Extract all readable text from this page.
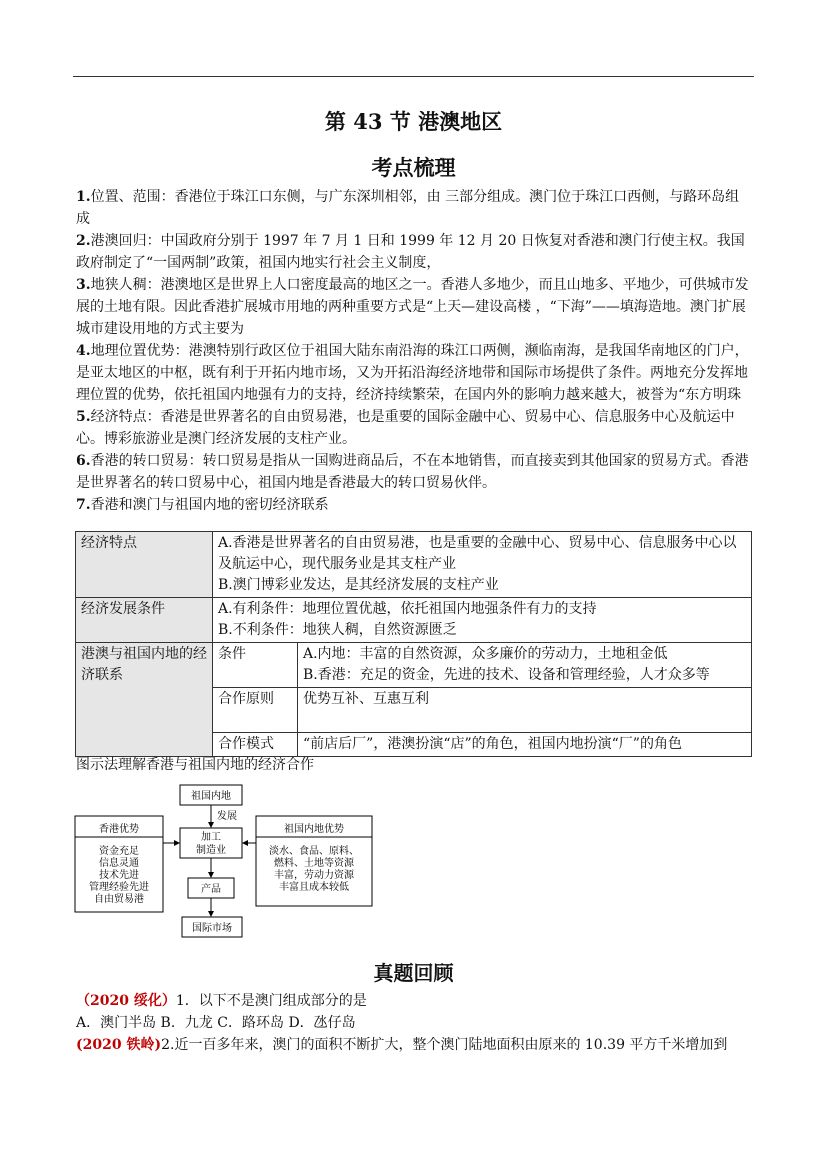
第 43 节 港澳地区
考点梳理

1.位置、范围：香港位于珠江口东侧，与广东深圳相邻，由 三部分组成。澳门位于珠江口西侧，与路环岛组成

2.港澳回归：中国政府分别于 1997 年 7 月 1 日和 1999 年 12 月 20 日恢复对香港和澳门行使主权。我国政府制定了“一国两制”政策，祖国内地实行社会主义制度，

3.地狭人稠：港澳地区是世界上人口密度最高的地区之一。香港人多地少，而且山地多、平地少，可供城市发展的土地有限。因此香港扩展城市用地的两种重要方式是“上天—建设高楼 ，“下海”——填海造地。澳门扩展城市建设用地的方式主要为

4.地理位置优势：港澳特别行政区位于祖国大陆东南沿海的珠江口两侧，濒临南海，是我国华南地区的门户，是亚太地区的中枢，既有利于开拓内地市场，又为开拓沿海经济地带和国际市场提供了条件。两地充分发挥地理位置的优势，依托祖国内地强有力的支持，经济持续繁荣，在国内外的影响力越来越大，被誉为“东方明珠

5.经济特点：香港是世界著名的自由贸易港，也是重要的国际金融中心、贸易中心、信息服务中心及航运中心。博彩旅游业是澳门经济发展的支柱产业。

6.香港的转口贸易：转口贸易是指从一国购进商品后，不在本地销售，而直接卖到其他国家的贸易方式。香港是世界著名的转口贸易中心，祖国内地是香港最大的转口贸易伙伴。

7.香港和澳门与祖国内地的密切经济联系

经济特点	A.香港是世界著名的自由贸易港，也是重要的金融中心、贸易中心、信息服务中心以及航运中心，现代服务业是其支柱产业
B.澳门博彩业发达，是其经济发展的支柱产业	

经济发展条件	A.有利条件：地理位置优越，依托祖国内地强条件有力的支持
B.不利条件：地狭人稠，自然资源匮乏	

港澳与祖国内地的经济联系	条件	A.内地：丰富的自然资源，众多廉价的劳动力，土地租金低
B.香港：充足的资金，先进的技术、设备和管理经验，人才众多等

	合作原则	优势互补、互惠互利
	合作模式	“前店后厂”，港澳扮演“店”的角色，祖国内地扮演“厂”的角色
图示法理解香港与祖国内地的经济合作
祖国内地
发展
加工
制造业
产品
国际市场
香港优势
资金充足
信息灵通
技术先进
管理经验先进
自由贸易港
祖国内地优势
淡水、食品、原料、
燃料、土地等资源
丰富，劳动力资源
丰富且成本较低
真题回顾
（2020 绥化）1．以下不是澳门组成部分的是
A．澳门半岛 B．九龙 C．路环岛 D．氹仔岛
(2020 铁岭)2.近一百多年来，澳门的面积不断扩大，整个澳门陆地面积由原来的 10.39 平方千米增加到
